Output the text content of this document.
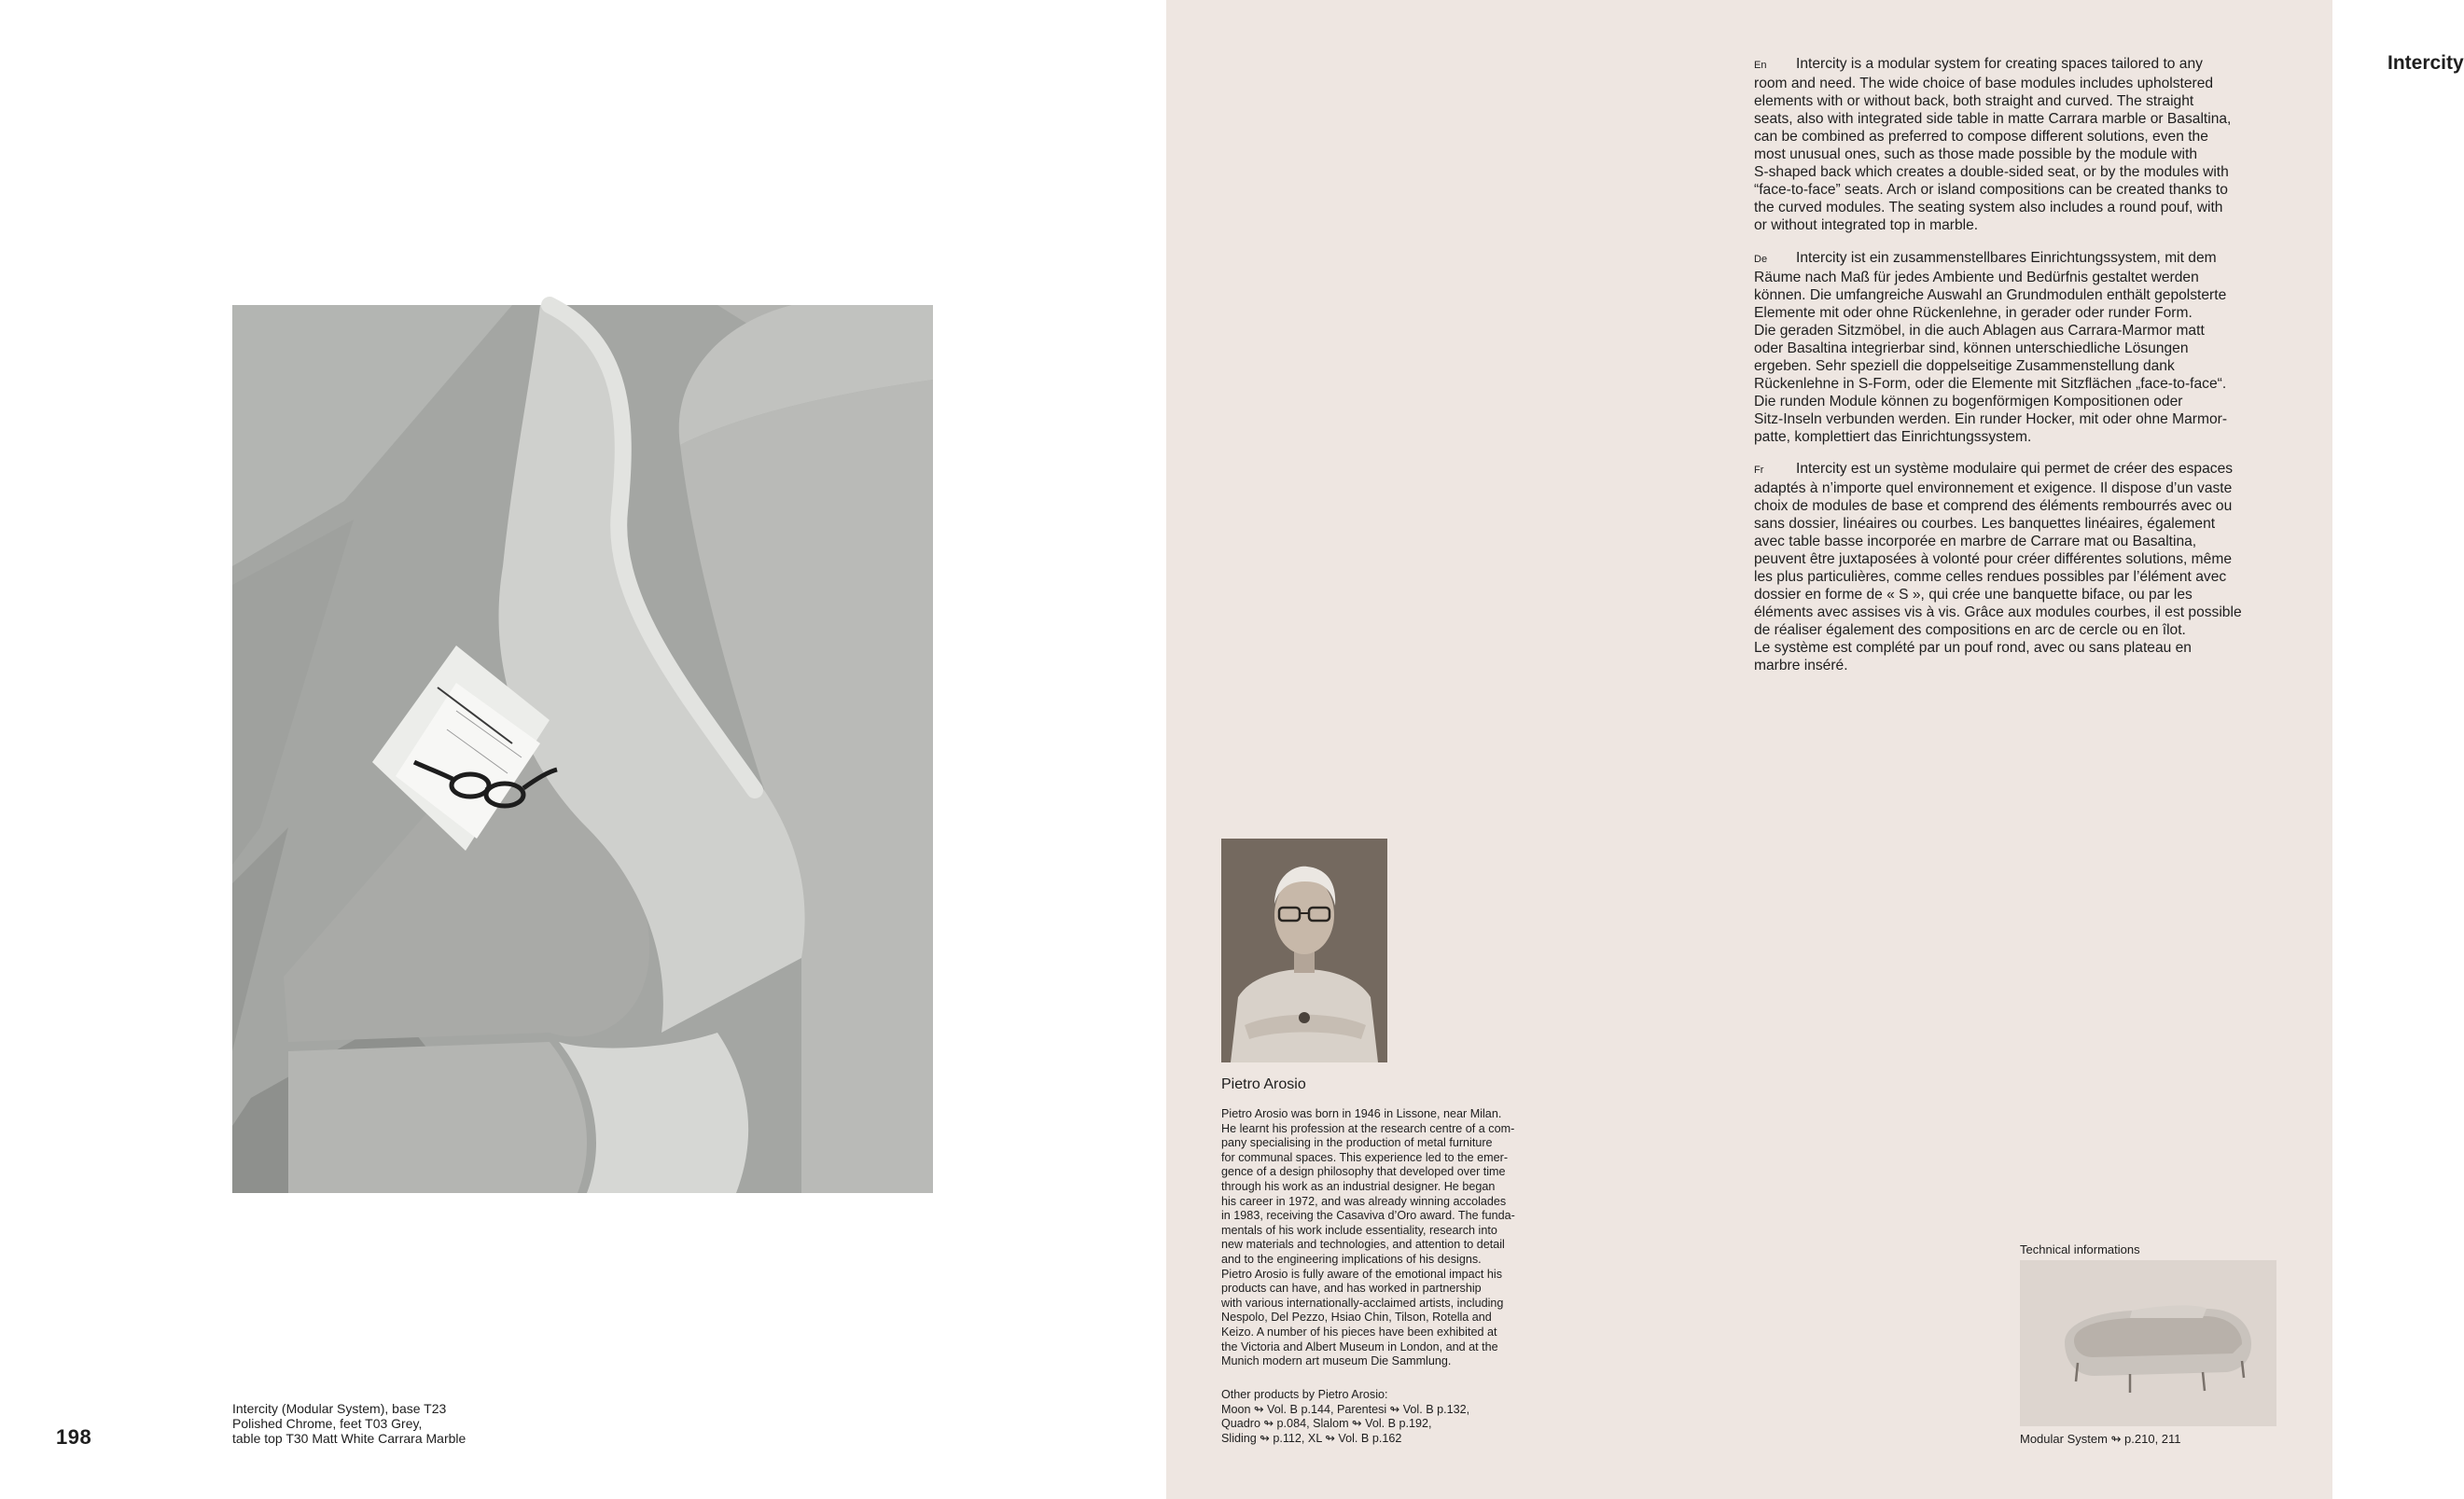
198
Intercity (Modular System), base T23
Polished Chrome, feet T03 Grey,
table top T30 Matt White Carrara Marble
Intercity
En Intercity is a modular system for creating spaces tailored to any
room and need. The wide choice of base modules includes upholstered
elements with or without back, both straight and curved. The straight
seats, also with integrated side table in matte Carrara marble or Basaltina,
can be combined as preferred to compose different solutions, even the
most unusual ones, such as those made possible by the module with
S-shaped back which creates a double-sided seat, or by the modules with
“face-to-face” seats. Arch or island compositions can be created thanks to
the curved modules. The seating system also includes a round pouf, with
or without integrated top in marble.
De Intercity ist ein zusammenstellbares Einrichtungssystem, mit dem
Räume nach Maß für jedes Ambiente und Bedürfnis gestaltet werden
können. Die umfangreiche Auswahl an Grundmodulen enthält gepolsterte
Elemente mit oder ohne Rückenlehne, in gerader oder runder Form.
Die geraden Sitzmöbel, in die auch Ablagen aus Carrara-Marmor matt
oder Basaltina integrierbar sind, können unterschiedliche Lösungen
ergeben. Sehr speziell die doppelseitige Zusammenstellung dank
Rückenlehne in S-Form, oder die Elemente mit Sitzflächen „face-to-face“.
Die runden Module können zu bogenförmigen Kompositionen oder
Sitz-Inseln verbunden werden. Ein runder Hocker, mit oder ohne Marmor-
patte, komplettiert das Einrichtungssystem.
Fr Intercity est un système modulaire qui permet de créer des espaces
adaptés à n’importe quel environnement et exigence. Il dispose d’un vaste
choix de modules de base et comprend des éléments rembourrés avec ou
sans dossier, linéaires ou courbes. Les banquettes linéaires, également
avec table basse incorporée en marbre de Carrare mat ou Basaltina,
peuvent être juxtaposées à volonté pour créer différentes solutions, même
les plus particulières, comme celles rendues possibles par l’élément avec
dossier en forme de « S », qui crée une banquette biface, ou par les
éléments avec assises vis à vis. Grâce aux modules courbes, il est possible
de réaliser également des compositions en arc de cercle ou en îlot.
Le système est complété par un pouf rond, avec ou sans plateau en
marbre inséré.
Pietro Arosio
Pietro Arosio was born in 1946 in Lissone, near Milan.
He learnt his profession at the research centre of a com-
pany specialising in the production of metal furniture
for communal spaces. This experience led to the emer-
gence of a design philosophy that developed over time
through his work as an industrial designer. He began
his career in 1972, and was already winning accolades
in 1983, receiving the Casaviva d’Oro award. The funda-
mentals of his work include essentiality, research into
new materials and technologies, and attention to detail
and to the engineering implications of his designs.
Pietro Arosio is fully aware of the emotional impact his
products can have, and has worked in partnership
with various internationally-acclaimed artists, including
Nespolo, Del Pezzo, Hsiao Chin, Tilson, Rotella and
Keizo. A number of his pieces have been exhibited at
the Victoria and Albert Museum in London, and at the
Munich modern art museum Die Sammlung.
Other products by Pietro Arosio:
Moon ↬ Vol. B p.144, Parentesi ↬ Vol. B p.132,
Quadro ↬ p.084, Slalom ↬ Vol. B p.192,
Sliding ↬ p.112, XL ↬ Vol. B p.162
Technical informations
Modular System ↬ p.210, 211
